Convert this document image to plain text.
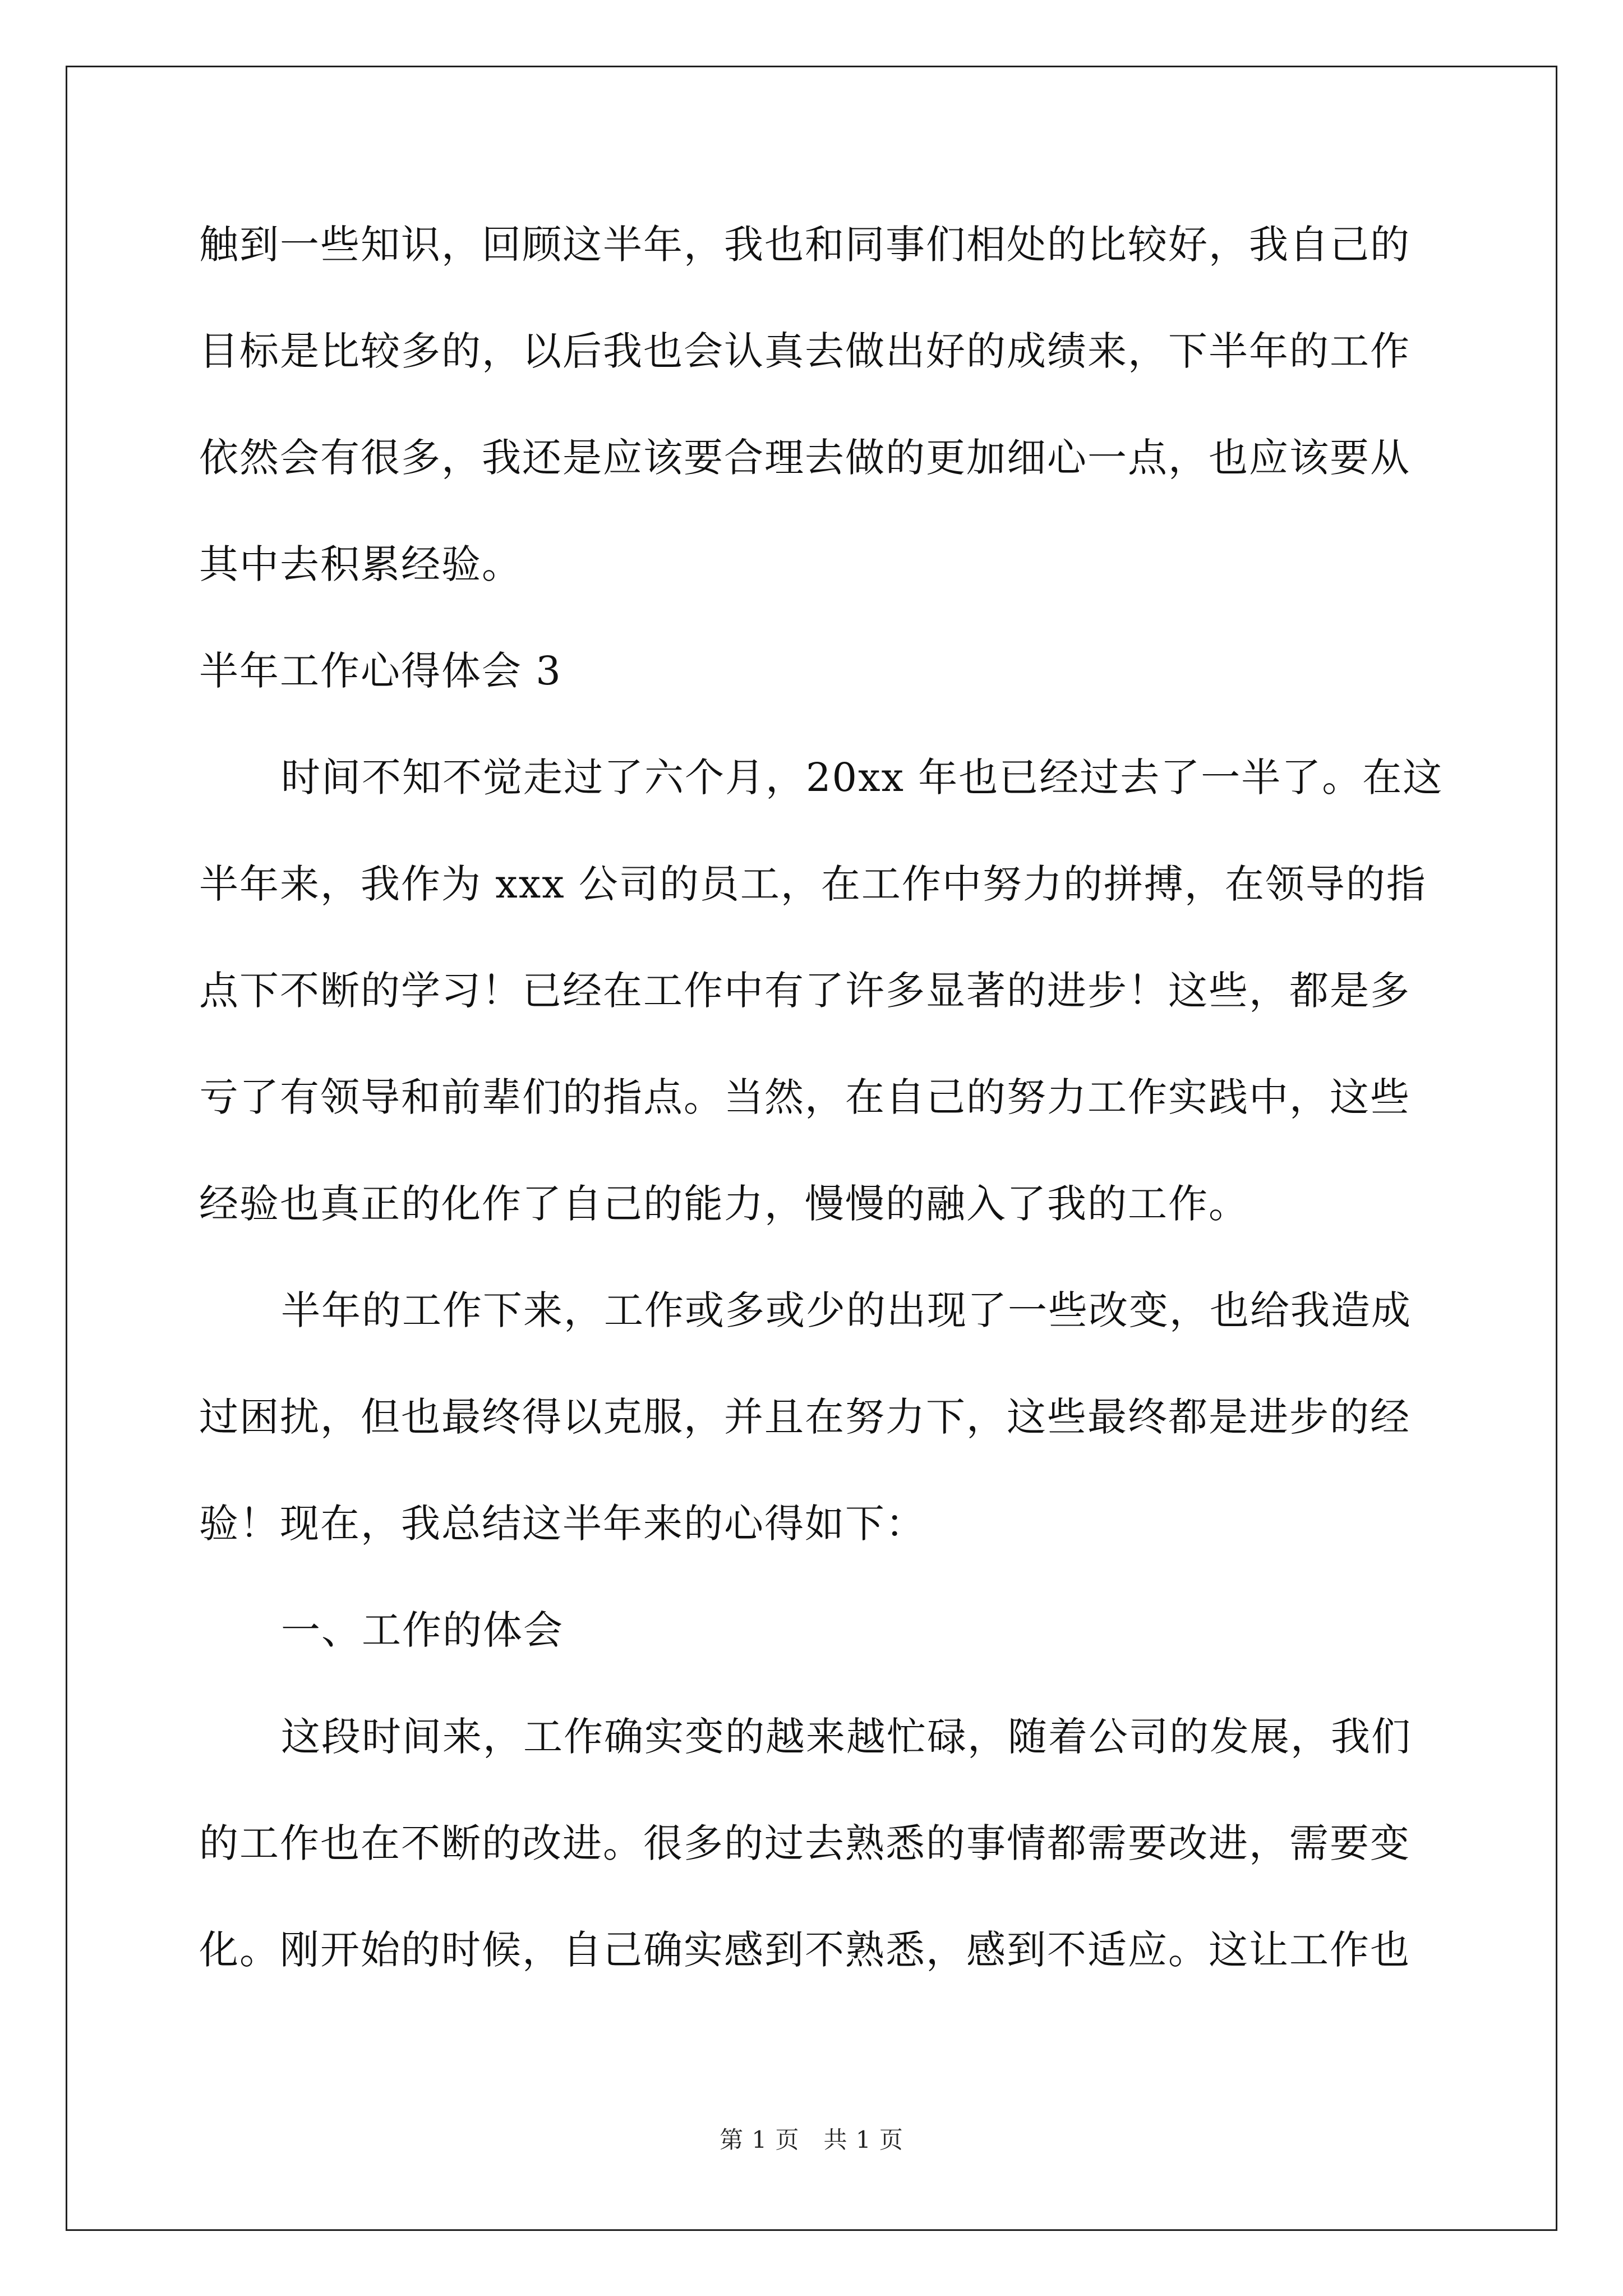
触到一些知识，回顾这半年，我也和同事们相处的比较好，我自己的
目标是比较多的，以后我也会认真去做出好的成绩来，下半年的工作
依然会有很多，我还是应该要合理去做的更加细心一点，也应该要从
其中去积累经验。
半年工作心得体会 3
时间不知不觉走过了六个月，20xx 年也已经过去了一半了。在这
半年来，我作为 xxx 公司的员工，在工作中努力的拼搏，在领导的指
点下不断的学习！已经在工作中有了许多显著的进步！这些，都是多
亏了有领导和前辈们的指点。当然，在自己的努力工作实践中，这些
经验也真正的化作了自己的能力，慢慢的融入了我的工作。
半年的工作下来，工作或多或少的出现了一些改变，也给我造成
过困扰，但也最终得以克服，并且在努力下，这些最终都是进步的经
验！现在，我总结这半年来的心得如下：
一、工作的体会
这段时间来，工作确实变的越来越忙碌，随着公司的发展，我们
的工作也在不断的改进。很多的过去熟悉的事情都需要改进，需要变
化。刚开始的时候，自己确实感到不熟悉，感到不适应。这让工作也
第 1 页　共 1 页
